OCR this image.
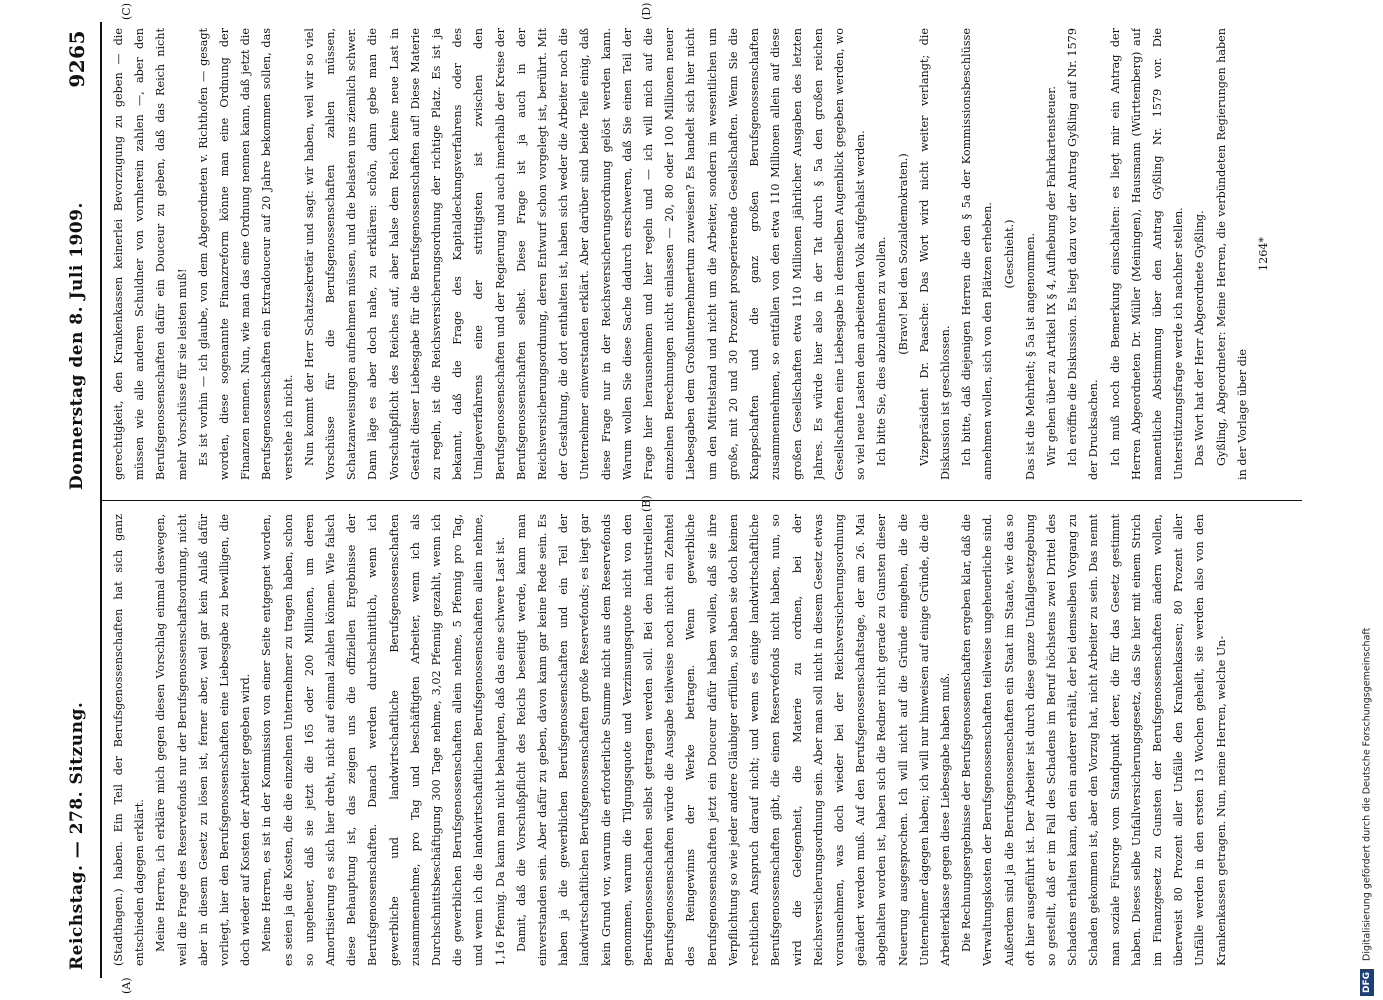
Reichstag. — 278. Sitzung.
Donnerstag den 8. Juli 1909.
9265
(A)
(B)
(C)	(D)

(Stadthagen.) haben. Ein Teil der Berufsgenossenschaften hat sich ganz entschieden dagegen erklärt. Meine Herren, ich erkläre mich gegen diesen Vorschlag einmal deswegen, weil die Frage des Reservefonds nur der Berufsgenossenschaftsordnung, nicht aber in diesem Gesetz zu lösen ist, ferner aber, weil gar kein Anlaß dafür vorliegt, hier den Berufsgenossenschaften eine Liebesgabe zu bewilligen, die doch wieder auf Kosten der Arbeiter gegeben wird. Meine Herren, es ist in der Kommission von einer Seite entgegnet worden, es seien ja die Kosten, die die einzelnen Unternehmer zu tragen haben, schon so ungeheuer, daß sie jetzt die 165 oder 200 Millionen, um deren Amortisierung es sich hier dreht, nicht auf einmal zahlen können. Wie falsch diese Behauptung ist, das zeigen uns die offiziellen Ergebnisse der Berufsgenossenschaften. Danach werden durchschnittlich, wenn ich gewerbliche und landwirtschaftliche Berufsgenossenschaften zusammennehme, pro Tag und beschäftigten Arbeiter, wenn ich als Durchschnittsbeschäftigung 300 Tage nehme, 3,02 Pfennig gezahlt, wenn ich die gewerblichen Berufsgenossenschaften allein nehme, 5 Pfennig pro Tag, und wenn ich die landwirtschaftlichen Berufsgenossenschaften allein nehme, 1,16 Pfennig. Da kann man nicht behaupten, daß das eine schwere Last ist. Damit, daß die Vorschußpflicht des Reichs beseitigt werde, kann man einverstanden sein. Aber dafür zu geben, davon kann gar keine Rede sein. Es haben ja die gewerblichen Berufsgenossenschaften und ein Teil der landwirtschaftlichen Berufsgenossenschaften große Reservefonds; es liegt gar kein Grund vor, warum die erforderliche Summe nicht aus dem Reservefonds genommen, warum die Tilgungsquote und Verzinsungsquote nicht von den Berufsgenossenschaften selbst getragen werden soll. Bei den industriellen Berufsgenossenschaften würde die Ausgabe teilweise noch nicht ein Zehntel des Reingewinns der Werke betragen. Wenn gewerbliche Berufsgenossenschaften jetzt ein Douceur dafür haben wollen, daß sie ihre Verpflichtung so wie jeder andere Gläubiger erfüllen, so haben sie doch keinen rechtlichen Anspruch darauf nicht; und wenn es einige landwirtschaftliche Berufsgenossenschaften gibt, die einen Reservefonds nicht haben, nun, so wird die Gelegenheit, die Materie zu ordnen, bei der Reichsversicherungsordnung sein. Aber man soll nicht in diesem Gesetz etwas vorausnehmen, was doch wieder bei der Reichsversicherungsordnung geändert werden muß. Auf den Berufsgenossenschaftstage, der am 26. Mai abgehalten worden ist, haben sich die Redner nicht gerade zu Gunsten dieser Neuerung ausgesprochen. Ich will nicht auf die Gründe eingehen, die die Unternehmer dagegen haben; ich will nur hinweisen auf einige Gründe, die die Arbeiterklasse gegen diese Liebesgabe haben muß. Die Rechnungsergebnisse der Berufsgenossenschaften ergeben klar, daß die Verwaltungskosten der Berufsgenossenschaften teilweise ungeheuerliche sind. Außerdem sind ja die Berufsgenossenschaften ein Staat im Staate, wie das so oft hier ausgeführt ist. Der Arbeiter ist durch diese ganze Unfallgesetzgebung so gestellt, daß er im Fall des Schadens im Beruf höchstens zwei Drittel des Schadens erhalten kann, den ein anderer erhält, der bei demselben Vorgang zu Schaden gekommen ist, aber den Vorzug hat, nicht Arbeiter zu sein. Das nennt man soziale Fürsorge vom Standpunkt derer, die für das Gesetz gestimmt haben. Dieses selbe Unfallversicherungsgesetz, das Sie hier mit einem Strich im Finanzgesetz zu Gunsten der Berufsgenossenschaften ändern wollen, überweist 80 Prozent aller Unfälle den Krankenkassen; 80 Prozent aller Unfälle werden in den ersten 13 Wochen geheilt, sie werden also von den Krankenkassen getragen. Nun, meine Herren, welche Un-

gerechtigkeit, den Krankenkassen keinerlei Bevorzugung zu geben — die müssen wie alle anderen Schuldner von vornherein zahlen —, aber den Berufsgenossenschaften dafür ein Douceur zu geben, daß das Reich nicht mehr Vorschüsse für sie leisten muß! Es ist vorhin — ich glaube, von dem Abgeordneten v. Richthofen — gesagt worden, diese sogenannte Finanzreform könne man eine Ordnung der Finanzen nennen. Nun, wie man das eine Ordnung nennen kann, daß jetzt die Berufsgenossenschaften ein Extradouceur auf 20 Jahre bekommen sollen, das verstehe ich nicht. Nun kommt der Herr Schatzsekretär und sagt: wir haben, weil wir so viel Vorschüsse für die Berufsgenossenschaften zahlen müssen, Schatzanweisungen aufnehmen müssen, und die belasten uns ziemlich schwer. Dann läge es aber doch nahe, zu erklären: schön, dann gebe man die Vorschußpflicht des Reiches auf, aber halse dem Reich keine neue Last in Gestalt dieser Liebesgabe für die Berufsgenossenschaften auf! Diese Materie zu regeln, ist die Reichsversicherungsordnung der richtige Platz. Es ist ja bekannt, daß die Frage des Kapitaldeckungsverfahrens oder des Umlageverfahrens eine der strittigsten ist zwischen den Berufsgenossenschaften und der Regierung und auch innerhalb der Kreise der Berufsgenossenschaften selbst. Diese Frage ist ja auch in der Reichsversicherungsordnung, deren Entwurf schon vorgelegt ist, berührt. Mit der Gestaltung, die dort enthalten ist, haben sich weder die Arbeiter noch die Unternehmer einverstanden erklärt. Aber darüber sind beide Teile einig, daß diese Frage nur in der Reichsversicherungsordnung gelöst werden kann. Warum wollen Sie diese Sache dadurch erschweren, daß Sie einen Teil der Frage hier herausnehmen und hier regeln und — ich will mich auf die einzelnen Berechnungen nicht einlassen — 20, 80 oder 100 Millionen neuer Liebesgaben dem Großunternehmertum zuweisen? Es handelt sich hier nicht um den Mittelstand und nicht um die Arbeiter, sondern im wesentlichen um große, mit 20 und 30 Prozent prosperierende Gesellschaften. Wenn Sie die Knappschaften und die ganz großen Berufsgenossenschaften zusammennehmen, so entfallen von den etwa 110 Millionen allein auf diese großen Gesellschaften etwa 110 Millionen jährlicher Ausgaben des letzten Jahres. Es würde hier also in der Tat durch § 5a den großen reichen Gesellschaften eine Liebesgabe in demselben Augenblick gegeben werden, wo so viel neue Lasten dem arbeitenden Volk aufgehalst werden. Ich bitte Sie, dies abzulehnen zu wollen. (Bravo! bei den Sozialdemokraten.) Vizepräsident Dr. Paasche: Das Wort wird nicht weiter verlangt; die Diskussion ist geschlossen. Ich bitte, daß diejenigen Herren die den § 5a der Kommissionsbeschlüsse annehmen wollen, sich von den Plätzen erheben. (Geschieht.) Das ist die Mehrheit; § 5a ist angenommen. Wir gehen über zu Artikel IX § 4, Aufhebung der Fahrkartensteuer. Ich eröffne die Diskussion. Es liegt dazu vor der Antrag Gyßling auf Nr. 1579 der Drucksachen. Ich muß noch die Bemerkung einschalten: es liegt mir ein Antrag der Herren Abgeordneten Dr. Müller (Meiningen), Hausmann (Württemberg) auf namentliche Abstimmung über den Antrag Gyßling Nr. 1579 vor. Die Unterstützungsfrage werde ich nachher stellen. Das Wort hat der Herr Abgeordnete Gyßling. Gyßling, Abgeordneter: Meine Herren, die verbündeten Regierungen haben in der Vorlage über die

1264*

DFG
Digitalisierung gefördert durch die Deutsche Forschungsgemeinschaft
